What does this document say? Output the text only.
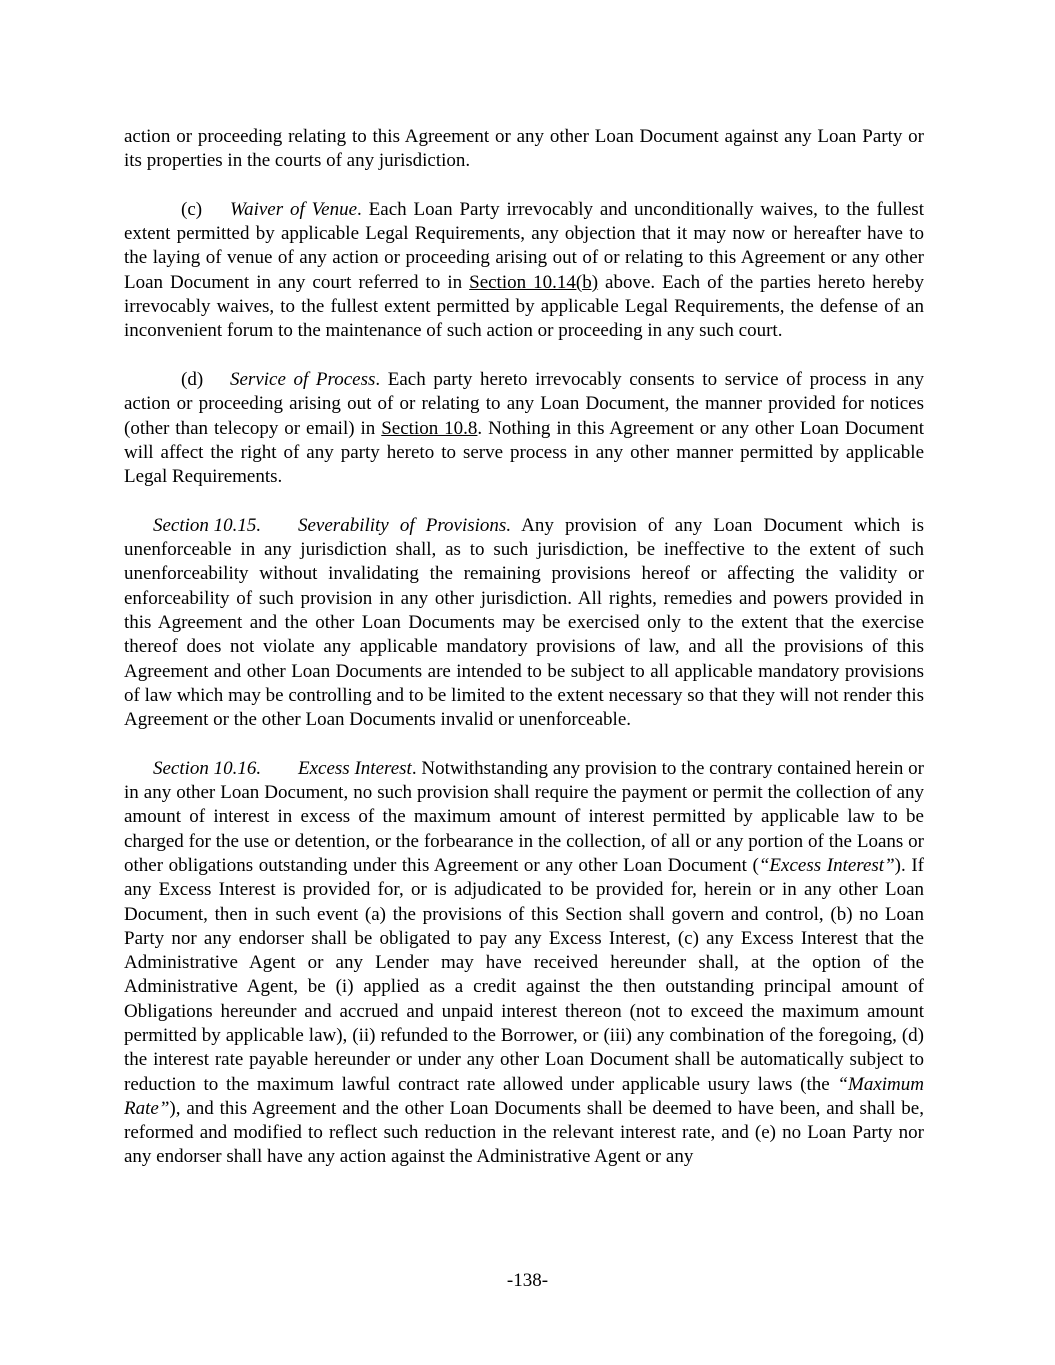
action or proceeding relating to this Agreement or any other Loan Document against any Loan Party or its properties in the courts of any jurisdiction.

(c) Waiver of Venue. Each Loan Party irrevocably and unconditionally waives, to the fullest extent permitted by applicable Legal Requirements, any objection that it may now or hereafter have to the laying of venue of any action or proceeding arising out of or relating to this Agreement or any other Loan Document in any court referred to in Section 10.14(b) above. Each of the parties hereto hereby irrevocably waives, to the fullest extent permitted by applicable Legal Requirements, the defense of an inconvenient forum to the maintenance of such action or proceeding in any such court.

(d) Service of Process. Each party hereto irrevocably consents to service of process in any action or proceeding arising out of or relating to any Loan Document, the manner provided for notices (other than telecopy or email) in Section 10.8. Nothing in this Agreement or any other Loan Document will affect the right of any party hereto to serve process in any other manner permitted by applicable Legal Requirements.

Section 10.15. Severability of Provisions. Any provision of any Loan Document which is unenforceable in any jurisdiction shall, as to such jurisdiction, be ineffective to the extent of such unenforceability without invalidating the remaining provisions hereof or affecting the validity or enforceability of such provision in any other jurisdiction. All rights, remedies and powers provided in this Agreement and the other Loan Documents may be exercised only to the extent that the exercise thereof does not violate any applicable mandatory provisions of law, and all the provisions of this Agreement and other Loan Documents are intended to be subject to all applicable mandatory provisions of law which may be controlling and to be limited to the extent necessary so that they will not render this Agreement or the other Loan Documents invalid or unenforceable.

Section 10.16. Excess Interest. Notwithstanding any provision to the contrary contained herein or in any other Loan Document, no such provision shall require the payment or permit the collection of any amount of interest in excess of the maximum amount of interest permitted by applicable law to be charged for the use or detention, or the forbearance in the collection, of all or any portion of the Loans or other obligations outstanding under this Agreement or any other Loan Document (“Excess Interest”). If any Excess Interest is provided for, or is adjudicated to be provided for, herein or in any other Loan Document, then in such event (a) the provisions of this Section shall govern and control, (b) no Loan Party nor any endorser shall be obligated to pay any Excess Interest, (c) any Excess Interest that the Administrative Agent or any Lender may have received hereunder shall, at the option of the Administrative Agent, be (i) applied as a credit against the then outstanding principal amount of Obligations hereunder and accrued and unpaid interest thereon (not to exceed the maximum amount permitted by applicable law), (ii) refunded to the Borrower, or (iii) any combination of the foregoing, (d) the interest rate payable hereunder or under any other Loan Document shall be automatically subject to reduction to the maximum lawful contract rate allowed under applicable usury laws (the “Maximum Rate”), and this Agreement and the other Loan Documents shall be deemed to have been, and shall be, reformed and modified to reflect such reduction in the relevant interest rate, and (e) no Loan Party nor any endorser shall have any action against the Administrative Agent or any

-138-
